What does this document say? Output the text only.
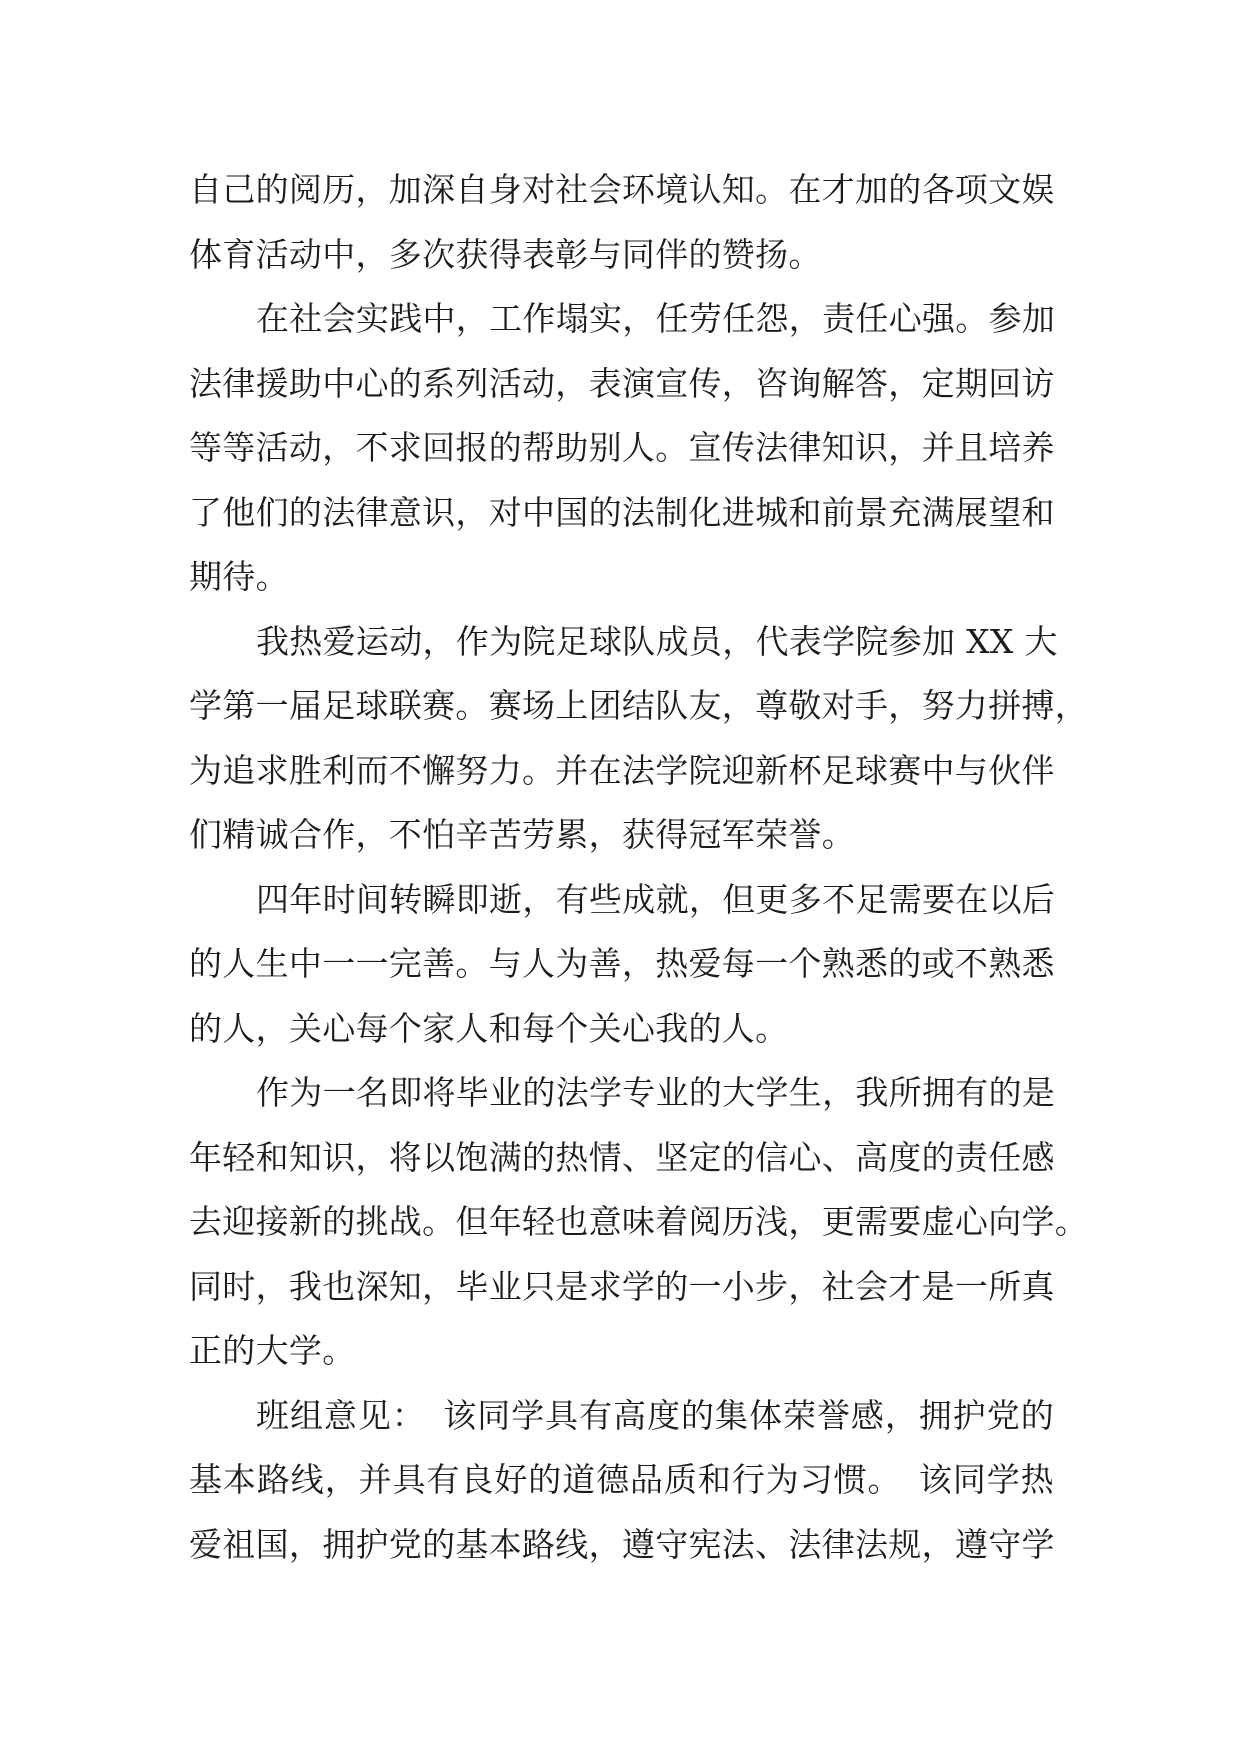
自己的阅历，加深自身对社会环境认知。在才加的各项文娱
体育活动中，多次获得表彰与同伴的赞扬。
在社会实践中，工作塌实，任劳任怨，责任心强。参加
法律援助中心的系列活动，表演宣传，咨询解答，定期回访
等等活动，不求回报的帮助别人。宣传法律知识，并且培养
了他们的法律意识，对中国的法制化进城和前景充满展望和
期待。
我热爱运动，作为院足球队成员，代表学院参加 XX 大
学第一届足球联赛。赛场上团结队友，尊敬对手，努力拼搏，
为追求胜利而不懈努力。并在法学院迎新杯足球赛中与伙伴
们精诚合作，不怕辛苦劳累，获得冠军荣誉。
四年时间转瞬即逝，有些成就，但更多不足需要在以后
的人生中一一完善。与人为善，热爱每一个熟悉的或不熟悉
的人，关心每个家人和每个关心我的人。
作为一名即将毕业的法学专业的大学生，我所拥有的是
年轻和知识，将以饱满的热情、坚定的信心、高度的责任感
去迎接新的挑战。但年轻也意味着阅历浅，更需要虚心向学。
同时，我也深知，毕业只是求学的一小步，社会才是一所真
正的大学。
班组意见：　该同学具有高度的集体荣誉感，拥护党的
基本路线，并具有良好的道德品质和行为习惯。　该同学热
爱祖国，拥护党的基本路线，遵守宪法、法律法规，遵守学
